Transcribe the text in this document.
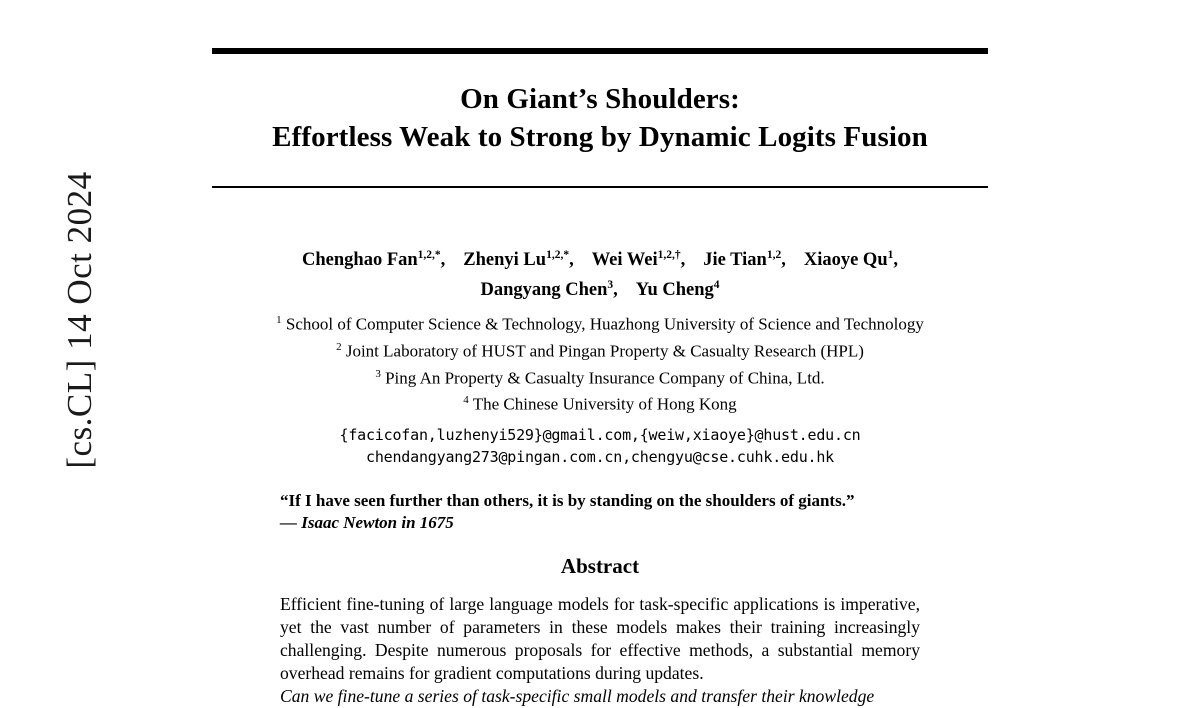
[cs.CL] 14 Oct 2024
On Giant’s Shoulders:
Effortless Weak to Strong by Dynamic Logits Fusion
Chenghao Fan$^{1,2,*}$, Zhenyi $Lu^{1,2,*}$, Wei Wei$^{1,2,\dagger}$, Jie Tian$^{1,2}$, Xiaoye Qu$^1$,
Dangyang Chen$^3$, Yu Cheng$^4$
$^1$ School of Computer Science & Technology, Huazhong University of Science and Technology
$^2$ Joint Laboratory of HUST and Pingan Property & Casualty Research (HPL)
$^3$ Ping An Property & Casualty Insurance Company of China, Ltd.
$^4$ The Chinese University of Hong Kong
{facicofan,luzhenyi529}@gmail.com,{weiw,xiaoye}@hust.edu.cn
chendangyang273@pingan.com.cn,chengyu@cse.cuhk.edu.hk
“If I have seen further than others, it is by standing on the shoulders of giants.”
— Isaac Newton in 1675
Abstract

Efficient fine-tuning of large language models for task-specific applications is imperative, yet the vast number of parameters in these models makes their training increasingly challenging. Despite numerous proposals for effective methods, a substantial memory overhead remains for gradient computations during updates.

Can we fine-tune a series of task-specific small models and transfer their knowledge
